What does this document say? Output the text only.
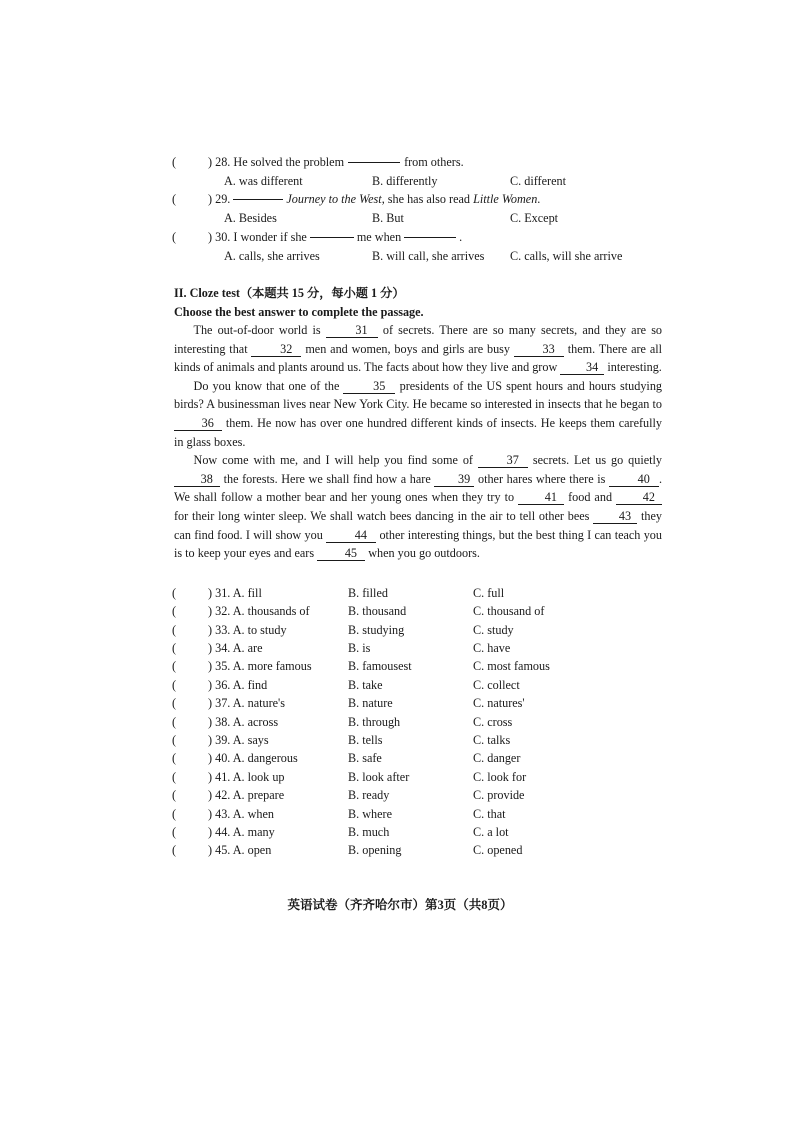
(	) 28. He solved the problem	from others.
A. was different	B. differently	C. different
(	) 29.	Journey to the West , she has also read
Little Women .
A. Besides	B. But	C. Except
(	) 30. I wonder if she	me when	.
A. calls, she arrives	B. will call, she arrives	C. calls, will she arrive
II. Cloze test（本题共 15 分，每小题 1 分）
Choose the best answer to complete the passage.

The out-of-door world is	31 of secrets. There are so many secrets, and they are so interesting that	32 men and women, boys and girls are busy	33 them. There are all kinds of animals and plants around us. The facts about how they live and grow 34 interesting.

Do you know that one of the	35 presidents of the US spent hours and hours studying birds? A businessman lives near New York City. He became so interested in insects that he began to 36 them. He now has over one hundred different kinds of insects. He keeps them carefully in glass boxes.

Now come with me, and I will help you find some of	37 secrets. Let us go quietly 38 the forests. Here we shall find how a hare 39 other hares where there is	40 . We shall follow a mother bear and her young ones when they try to	41 food and	42 for their long winter sleep. We shall watch bees dancing in the air to tell other bees 43 they can find food. I will show you	44 other interesting things, but the best thing I can teach you is to keep your eyes and ears	45 when you go outdoors.

(	) 31. A. fill	B. filled	C. full
(	) 32. A. thousands of	B. thousand	C. thousand of
(	) 33. A. to study	B. studying	C. study
(	) 34. A. are	B. is	C. have
(	) 35. A. more famous	B. famousest	C. most famous
(	) 36. A. find	B. take	C. collect
(	) 37. A. nature's	B. nature	C. natures'
(	) 38. A. across	B. through	C. cross
(	) 39. A. says	B. tells	C. talks
(	) 40. A. dangerous	B. safe	C. danger
(	) 41. A. look up	B. look after	C. look for
(	) 42. A. prepare	B. ready	C. provide
(	) 43. A. when	B. where	C. that
(	) 44. A. many	B. much	C. a lot
(	) 45. A. open	B. opening	C. opened
英语试卷（齐齐哈尔市）第3页（共8页）
